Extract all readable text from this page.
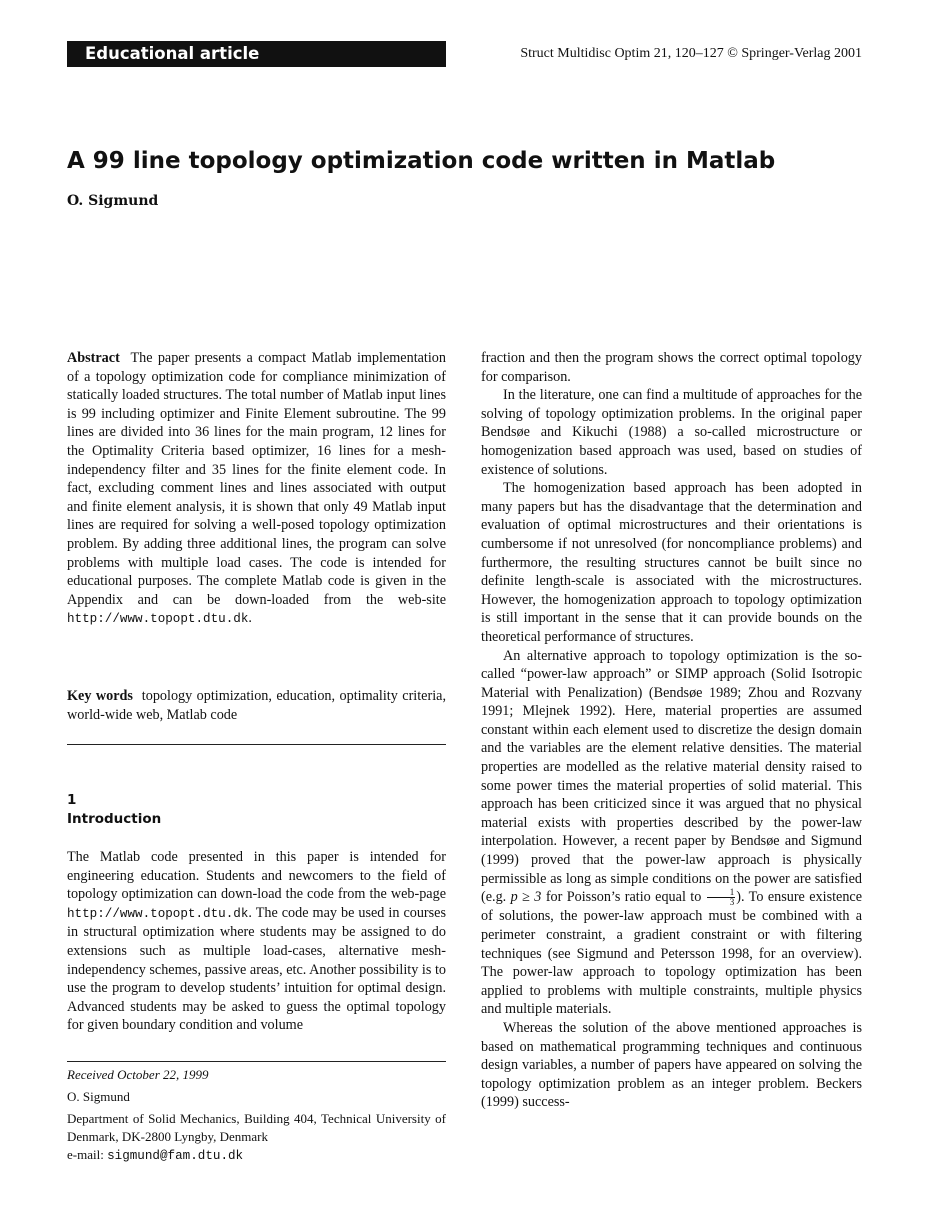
Educational article	Struct Multidisc Optim 21, 120–127 © Springer-Verlag 2001
A 99 line topology optimization code written in Matlab
O. Sigmund

Abstract The paper presents a compact Matlab implementation of a topology optimization code for compliance minimization of statically loaded structures. The total number of Matlab input lines is 99 including optimizer and Finite Element subroutine. The 99 lines are divided into 36 lines for the main program, 12 lines for the Optimality Criteria based optimizer, 16 lines for a mesh-independency filter and 35 lines for the finite element code. In fact, excluding comment lines and lines associated with output and finite element analysis, it is shown that only 49 Matlab input lines are required for solving a well-posed topology optimization problem. By adding three additional lines, the program can solve problems with multiple load cases. The code is intended for educational purposes. The complete Matlab code is given in the Appendix and can be down-loaded from the web-site http://www.topopt.dtu.dk.

Key words topology optimization, education, optimality criteria, world-wide web, Matlab code

1
Introduction

The Matlab code presented in this paper is intended for engineering education. Students and newcomers to the field of topology optimization can down-load the code from the web-page http://www.topopt.dtu.dk. The code may be used in courses in structural optimization where students may be assigned to do extensions such as multiple load-cases, alternative mesh-independency schemes, passive areas, etc. Another possibility is to use the program to develop students’ intuition for optimal design. Advanced students may be asked to guess the optimal topology for given boundary condition and volume

Received October 22, 1999

O. Sigmund

Department of Solid Mechanics, Building 404, Technical University of Denmark, DK-2800 Lyngby, Denmark

e-mail: sigmund@fam.dtu.dk

fraction and then the program shows the correct optimal topology for comparison.

In the literature, one can find a multitude of approaches for the solving of topology optimization problems. In the original paper Bendsøe and Kikuchi (1988) a so-called microstructure or homogenization based approach was used, based on studies of existence of solutions.

The homogenization based approach has been adopted in many papers but has the disadvantage that the determination and evaluation of optimal microstructures and their orientations is cumbersome if not unresolved (for noncompliance problems) and furthermore, the resulting structures cannot be built since no definite length-scale is associated with the microstructures. However, the homogenization approach to topology optimization is still important in the sense that it can provide bounds on the theoretical performance of structures.

An alternative approach to topology optimization is the so-called “power-law approach” or SIMP approach (Solid Isotropic Material with Penalization) (Bendsøe 1989; Zhou and Rozvany 1991; Mlejnek 1992). Here, material properties are assumed constant within each element used to discretize the design domain and the variables are the element relative densities. The material properties are modelled as the relative material density raised to some power times the material properties of solid material. This approach has been criticized since it was argued that no physical material exists with properties described by the power-law interpolation. However, a recent paper by Bendsøe and Sigmund (1999) proved that the power-law approach is physically permissible as long as simple conditions on the power are satisfied (e.g. p ≥ 3 for Poisson’s ratio equal to $\frac{1}{3}$ ). To ensure existence of solutions, the power-law approach must be combined with a perimeter constraint, a gradient constraint or with filtering techniques (see Sigmund and Petersson 1998, for an overview). The power-law approach to topology optimization has been applied to problems with multiple constraints, multiple physics and multiple materials.

Whereas the solution of the above mentioned approaches is based on mathematical programming techniques and continuous design variables, a number of papers have appeared on solving the topology optimization problem as an integer problem. Beckers (1999) success-
